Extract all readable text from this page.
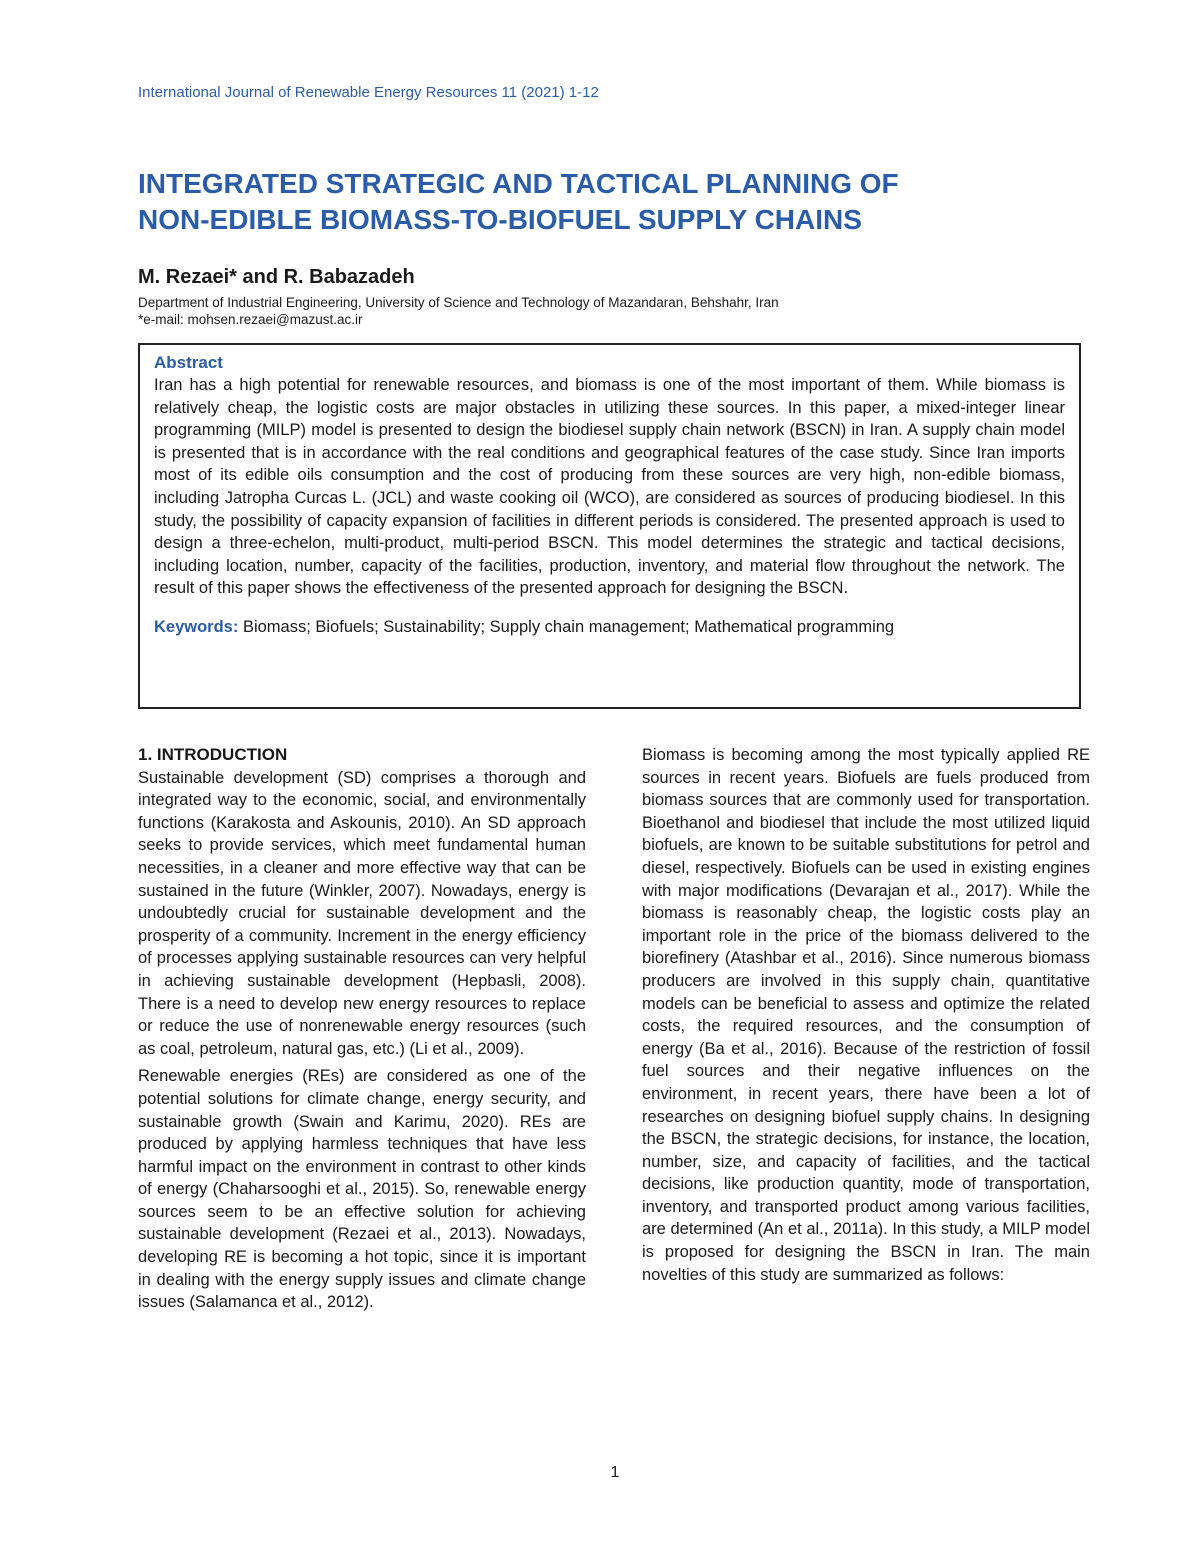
International Journal of Renewable Energy Resources 11 (2021) 1-12
INTEGRATED STRATEGIC AND TACTICAL PLANNING OF
NON-EDIBLE BIOMASS-TO-BIOFUEL SUPPLY CHAINS
M. Rezaei* and R. Babazadeh
Department of Industrial Engineering, University of Science and Technology of Mazandaran, Behshahr, Iran
*e-mail: mohsen.rezaei@mazust.ac.ir
Abstract
Iran has a high potential for renewable resources, and biomass is one of the most important of them. While biomass is relatively cheap, the logistic costs are major obstacles in utilizing these sources. In this paper, a mixed-integer linear programming (MILP) model is presented to design the biodiesel supply chain network (BSCN) in Iran. A supply chain model is presented that is in accordance with the real conditions and geographical features of the case study. Since Iran imports most of its edible oils consumption and the cost of producing from these sources are very high, non-edible biomass, including Jatropha Curcas L. (JCL) and waste cooking oil (WCO), are considered as sources of producing biodiesel. In this study, the possibility of capacity expansion of facilities in different periods is considered. The presented approach is used to design a three-echelon, multi-product, multi-period BSCN. This model determines the strategic and tactical decisions, including location, number, capacity of the facilities, production, inventory, and material flow throughout the network. The result of this paper shows the effectiveness of the presented approach for designing the BSCN.
Keywords: Biomass; Biofuels; Sustainability; Supply chain management; Mathematical programming
1. INTRODUCTION

Sustainable development (SD) comprises a thorough and integrated way to the economic, social, and environmentally functions (Karakosta and Askounis, 2010). An SD approach seeks to provide services, which meet fundamental human necessities, in a cleaner and more effective way that can be sustained in the future (Winkler, 2007). Nowadays, energy is undoubtedly crucial for sustainable development and the prosperity of a community. Increment in the energy efficiency of processes applying sustainable resources can very helpful in achieving sustainable development (Hepbasli, 2008). There is a need to develop new energy resources to replace or reduce the use of nonrenewable energy resources (such as coal, petroleum, natural gas, etc.) (Li et al., 2009).

Renewable energies (REs) are considered as one of the potential solutions for climate change, energy security, and sustainable growth (Swain and Karimu, 2020). REs are produced by applying harmless techniques that have less harmful impact on the environment in contrast to other kinds of energy (Chaharsooghi et al., 2015). So, renewable energy sources seem to be an effective solution for achieving sustainable development (Rezaei et al., 2013). Nowadays, developing RE is becoming a hot topic, since it is important in dealing with the energy supply issues and climate change issues (Salamanca et al., 2012).

Biomass is becoming among the most typically applied RE sources in recent years. Biofuels are fuels produced from biomass sources that are commonly used for transportation. Bioethanol and biodiesel that include the most utilized liquid biofuels, are known to be suitable substitutions for petrol and diesel, respectively. Biofuels can be used in existing engines with major modifications (Devarajan et al., 2017). While the biomass is reasonably cheap, the logistic costs play an important role in the price of the biomass delivered to the biorefinery (Atashbar et al., 2016). Since numerous biomass producers are involved in this supply chain, quantitative models can be beneficial to assess and optimize the related costs, the required resources, and the consumption of energy (Ba et al., 2016). Because of the restriction of fossil fuel sources and their negative influences on the environment, in recent years, there have been a lot of researches on designing biofuel supply chains. In designing the BSCN, the strategic decisions, for instance, the location, number, size, and capacity of facilities, and the tactical decisions, like production quantity, mode of transportation, inventory, and transported product among various facilities, are determined (An et al., 2011a). In this study, a MILP model is proposed for designing the BSCN in Iran. The main novelties of this study are summarized as follows:

1
